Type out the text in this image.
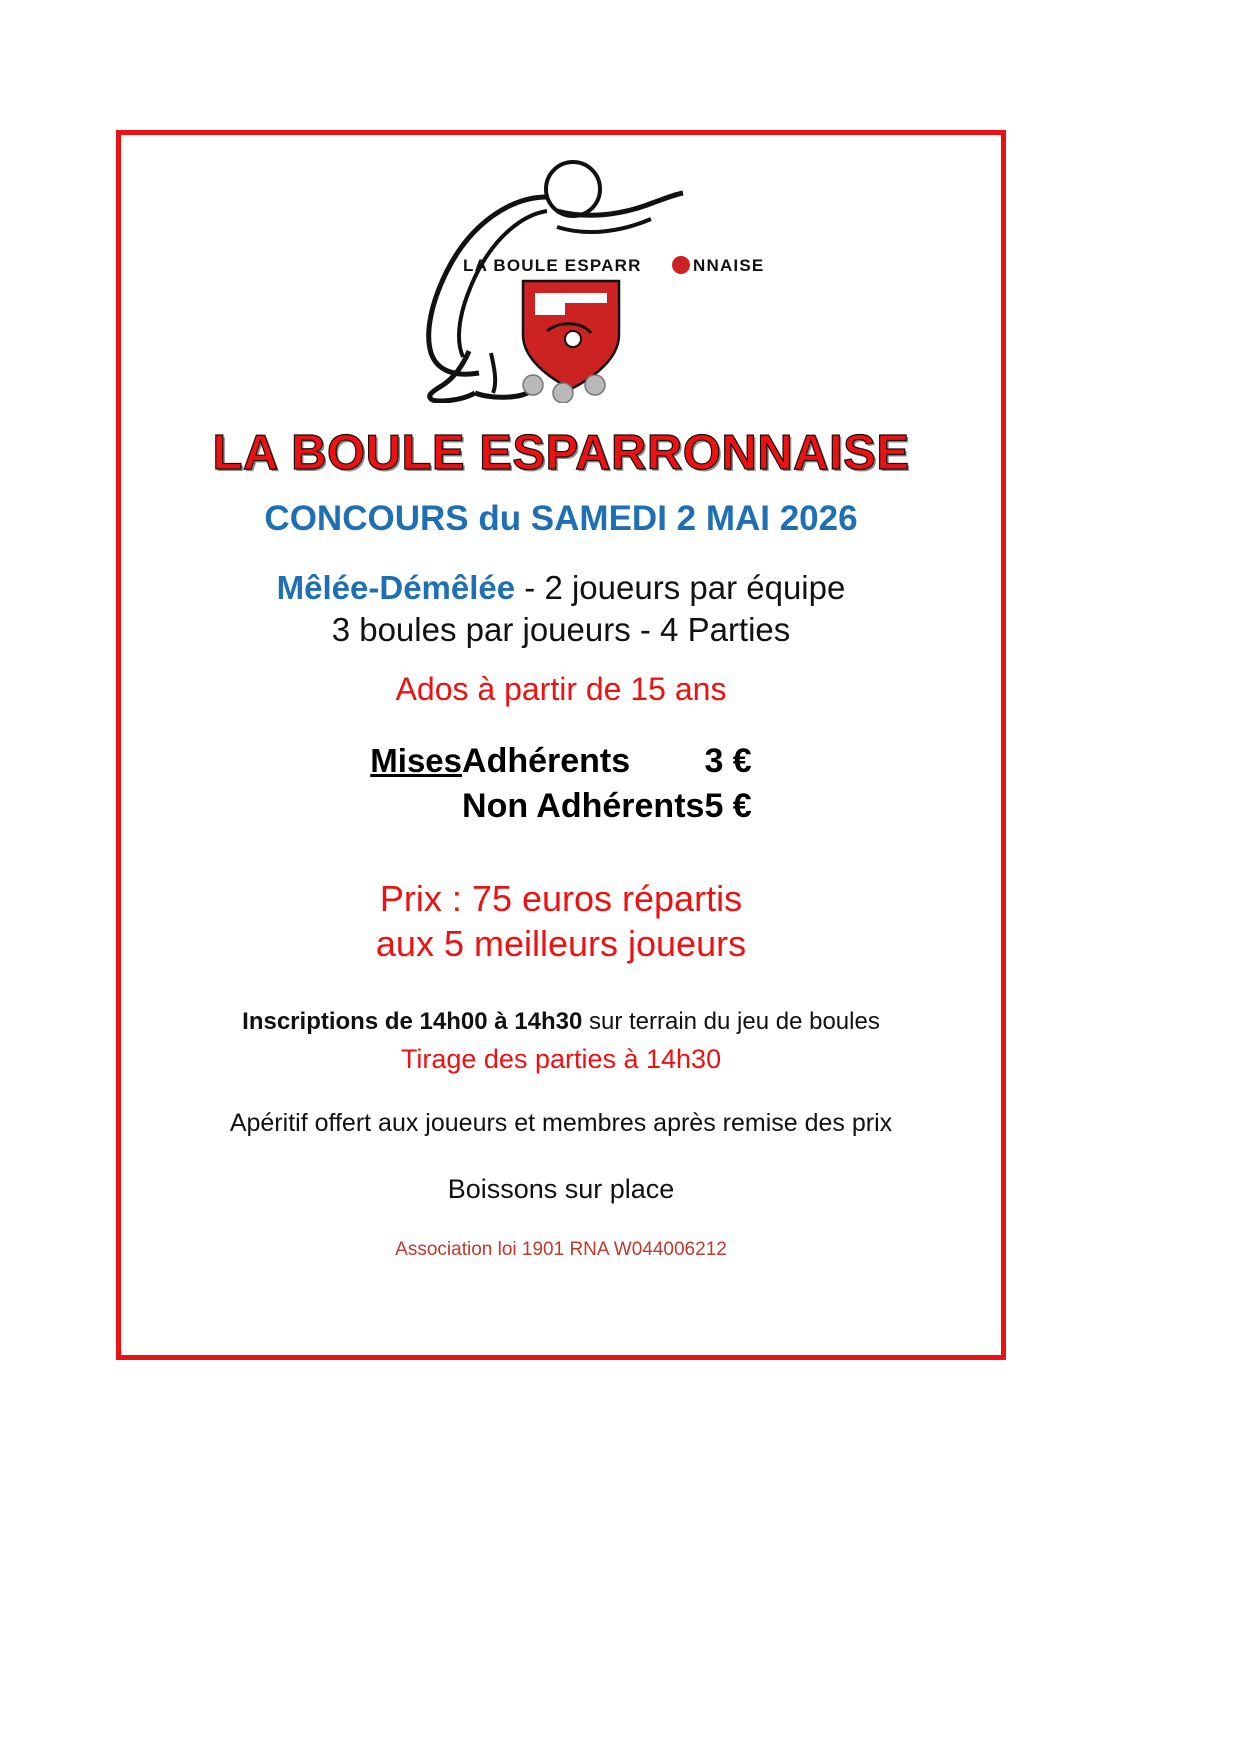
LA BOULE ESPARR	NNAISE
LA BOULE ESPARRONNAISE
CONCOURS du SAMEDI 2 MAI 2026
Mêlée-Démêlée - 2 joueurs par équipe
3 boules par joueurs - 4 Parties
Ados à partir de 15 ans
Mises	Adhérents	3 €
	Non Adhérents	5 €
Prix : 75 euros répartis
aux 5 meilleurs joueurs
Inscriptions de 14h00 à 14h30 sur terrain du jeu de boules
Tirage des parties à 14h30
Apéritif offert aux joueurs et membres après remise des prix
Boissons sur place
Association loi 1901 RNA W044006212
